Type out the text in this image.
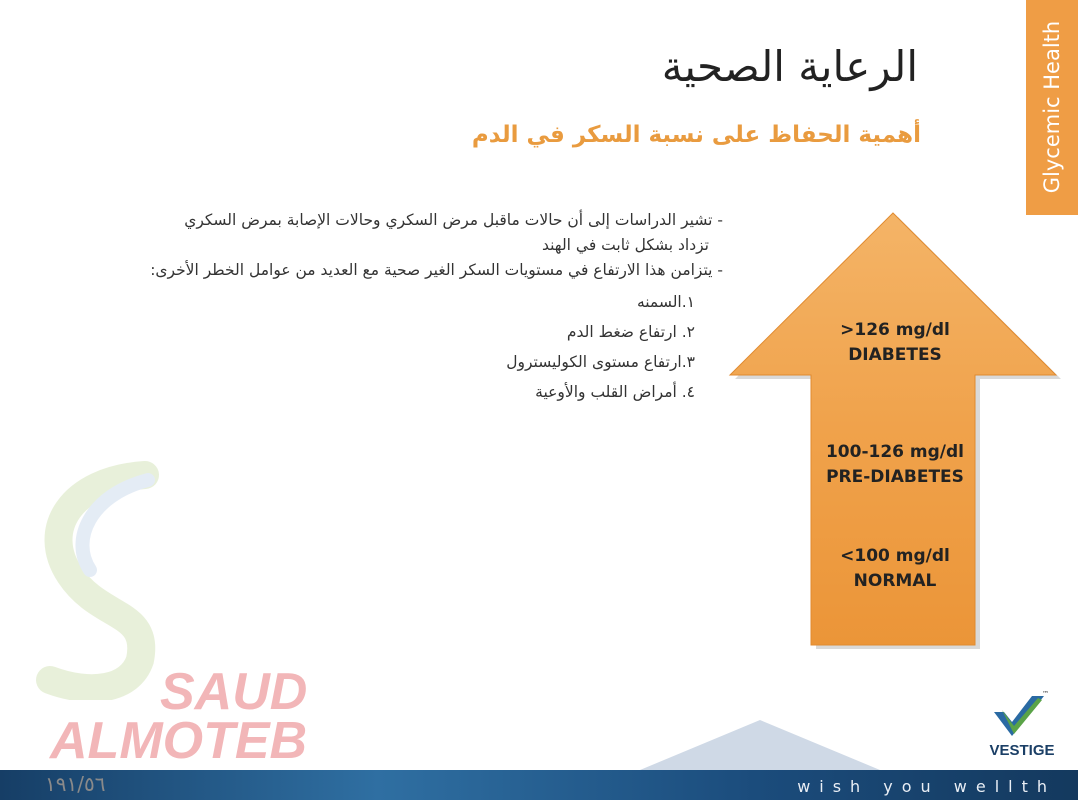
Glycemic Health
الرعاية الصحية
أهمية الحفاظ على نسبة السكر في الدم

- تشير الدراسات إلى أن حالات ماقبل مرض السكري وحالات الإصابة بمرض السكري

تزداد بشكل ثابت في الهند

- يتزامن هذا الارتفاع في مستويات السكر الغير صحية مع العديد من عوامل الخطر الأخرى:

١.السمنه
٢. ارتفاع ضغط الدم
٣.ارتفاع مستوى الكوليسترول
٤. أمراض القلب والأوعية
>126 mg/dl
DIABETES
100-126 mg/dl
PRE-DIABETES
<100 mg/dl
NORMAL
SAUD
ALMOTEB
wish you wellth
١٩١/٥٦
™
VESTIGE
